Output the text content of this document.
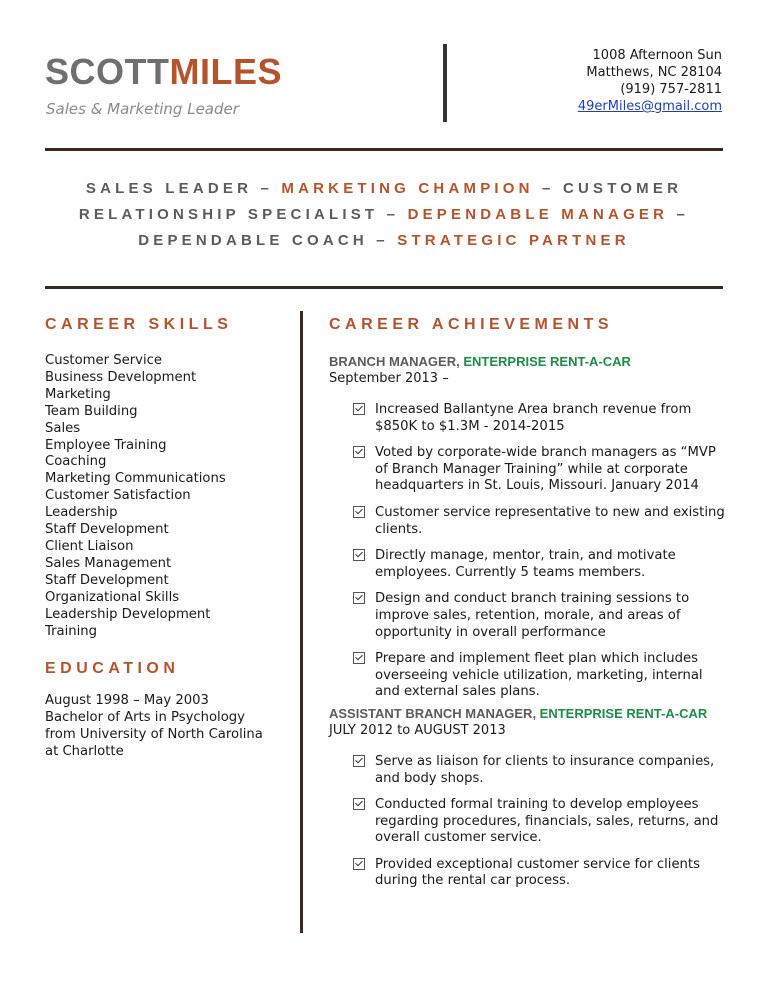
SCOTTMILES
Sales & Marketing Leader
1008 Afternoon Sun
Matthews, NC 28104
(919) 757-2811
49erMiles@gmail.com
SALES LEADER – MARKETING CHAMPION – CUSTOMER RELATIONSHIP SPECIALIST – DEPENDABLE MANAGER – DEPENDABLE COACH – STRATEGIC PARTNER
CAREER SKILLS
Customer Service
Business Development
Marketing
Team Building
Sales
Employee Training
Coaching
Marketing Communications
Customer Satisfaction
Leadership
Staff Development
Client Liaison
Sales Management
Staff Development
Organizational Skills
Leadership Development
Training
EDUCATION
August 1998 – May 2003
Bachelor of Arts in Psychology
from University of North Carolina
at Charlotte
CAREER ACHIEVEMENTS
BRANCH MANAGER, ENTERPRISE RENT-A-CAR
September 2013 –
Increased Ballantyne Area branch revenue from $850K to $1.3M - 2014-2015
Voted by corporate-wide branch managers as “MVP of Branch Manager Training” while at corporate headquarters in St. Louis, Missouri. January 2014
Customer service representative to new and existing clients.
Directly manage, mentor, train, and motivate employees. Currently 5 teams members.
Design and conduct branch training sessions to improve sales, retention, morale, and areas of opportunity in overall performance
Prepare and implement fleet plan which includes overseeing vehicle utilization, marketing, internal and external sales plans.
ASSISTANT BRANCH MANAGER, ENTERPRISE RENT-A-CAR
JULY 2012 to AUGUST 2013
Serve as liaison for clients to insurance companies, and body shops.
Conducted formal training to develop employees regarding procedures, financials, sales, returns, and overall customer service.
Provided exceptional customer service for clients during the rental car process.
